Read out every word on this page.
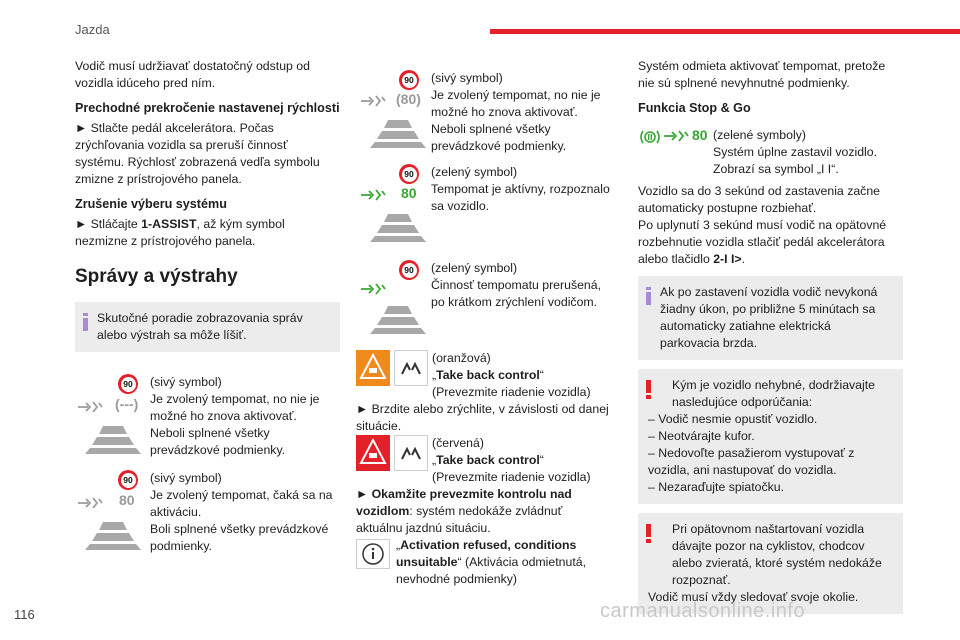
Jazda

Vodič musí udržiavať dostatočný odstup od vozidla idúceho pred ním.

Prechodné prekročenie nastavenej rýchlosti

► Stlačte pedál akcelerátora. Počas zrýchľovania vozidla sa preruší činnosť systému. Rýchlosť zobrazená vedľa symbolu zmizne z prístrojového panela.

Zrušenie výberu systému

► Stláčajte 1-ASSIST, až kým symbol nezmizne z prístrojového panela.

Správy a výstrahy
Skutočné poradie zobrazovania správ alebo výstrah sa môže líšiť.
90
(---)

(sivý symbol)

Je zvolený tempomat, no nie je možné ho znova aktivovať.

Neboli splnené všetky prevádzkové podmienky.

90
80

(sivý symbol)

Je zvolený tempomat, čaká sa na aktiváciu.

Boli splnené všetky prevádzkové podmienky.

90
(80)

(sivý symbol)

Je zvolený tempomat, no nie je možné ho znova aktivovať.

Neboli splnené všetky prevádzkové podmienky.

90
80

(zelený symbol)

Tempomat je aktívny, rozpoznalo sa vozidlo.

90 (zelený symbol)

Činnosť tempomatu prerušená, po krátkom zrýchlení vodičom.

(oranžová)

„Take back control“ (Prevezmite riadenie vozidla)

► Brzdite alebo zrýchlite, v závislosti od danej situácie.

(červená)

„Take back control“ (Prevezmite riadenie vozidla)

► Okamžite prevezmite kontrolu nad vozidlom: systém nedokáže zvládnuť aktuálnu jazdnú situáciu.

„Activation refused, conditions unsuitable“ (Aktivácia odmietnutá, nevhodné podmienky)

Systém odmieta aktivovať tempomat, pretože nie sú splnené nevyhnutné podmienky.

Funkcia Stop & Go
80 (zelené symboly)

Systém úplne zastavil vozidlo.

Zobrazí sa symbol „I I“.

Vozidlo sa do 3 sekúnd od zastavenia začne automaticky postupne rozbiehať.

Po uplynutí 3 sekúnd musí vodič na opätovné rozbehnutie vozidla stlačiť pedál akcelerátora alebo tlačidlo 2-I I>.

Ak po zastavení vozidla vodič nevykoná žiadny úkon, po približne 5 minútach sa automaticky zatiahne elektrická parkovacia brzda.

Kým je vozidlo nehybné, dodržiavajte nasledujúce odporúčania:

– Vodič nesmie opustiť vozidlo.

– Neotvárajte kufor.

– Nedovoľte pasažierom vystupovať z vozidla, ani nastupovať do vozidla.

– Nezaraďujte spiatočku.

Pri opätovnom naštartovaní vozidla dávajte pozor na cyklistov, chodcov alebo zvieratá, ktoré systém nedokáže rozpoznať.

Vodič musí vždy sledovať svoje okolie.

116	carmanualsonline.info
